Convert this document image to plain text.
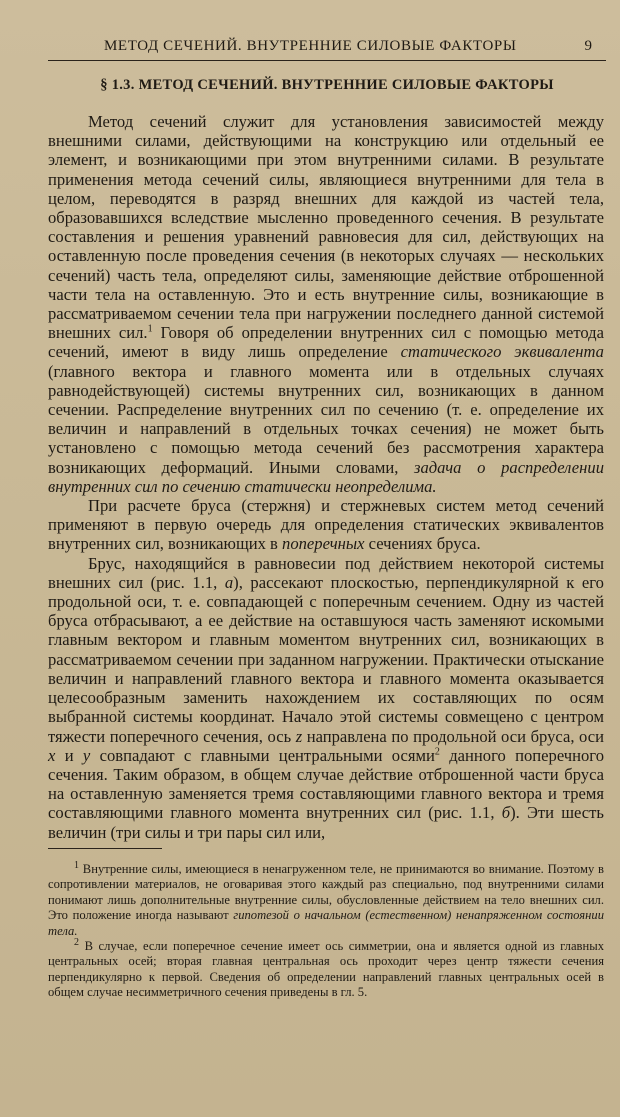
МЕТОД СЕЧЕНИЙ. ВНУТРЕННИЕ СИЛОВЫЕ ФАКТОРЫ	9
§ 1.3. МЕТОД СЕЧЕНИЙ. ВНУТРЕННИЕ СИЛОВЫЕ ФАКТОРЫ

Метод сечений служит для установления зависимостей между внешними силами, действующими на конструкцию или отдельный ее элемент, и возникающими при этом внутренними силами. В результате применения метода сечений силы, являющиеся внутренними для тела в целом, переводятся в разряд внешних для каждой из частей тела, образовавшихся вследствие мысленно проведенного сечения. В результате составления и решения уравнений равновесия для сил, действующих на оставленную после проведения сечения (в некоторых случаях — нескольких сечений) часть тела, определяют силы, заменяющие действие отброшенной части тела на оставленную. Это и есть внутренние силы, возникающие в рассматриваемом сечении тела при нагружении последнего данной системой внешних сил.$^1$ Говоря об определении внутренних сил с помощью метода сечений, имеют в виду лишь определение статического эквивалента (главного вектора и главного момента или в отдельных случаях равнодействующей) системы внутренних сил, возникающих в данном сечении. Распределение внутренних сил по сечению (т. е. определение их величин и направлений в отдельных точках сечения) не может быть установлено с помощью метода сечений без рассмотрения характера возникающих деформаций. Иными словами, задача о распределении внутренних сил по сечению статически неопределима.

При расчете бруса (стержня) и стержневых систем метод сечений применяют в первую очередь для определения статических эквивалентов внутренних сил, возникающих в поперечных сечениях бруса.

Брус, находящийся в равновесии под действием некоторой системы внешних сил (рис. 1.1, а), рассекают плоскостью, перпендикулярной к его продольной оси, т. е. совпадающей с поперечным сечением. Одну из частей бруса отбрасывают, а ее действие на оставшуюся часть заменяют искомыми главным вектором и главным моментом внутренних сил, возникающих в рассматриваемом сечении при заданном нагружении. Практически отыскание величин и направлений главного вектора и главного момента оказывается целесообразным заменить нахождением их составляющих по осям выбранной системы координат. Начало этой системы совмещено с центром тяжести поперечного сечения, ось z направлена по продольной оси бруса, оси x и y совпадают с главными центральными осями$^2$ данного поперечного сечения. Таким образом, в общем случае действие отброшенной части бруса на оставленную заменяется тремя составляющими главного вектора и тремя составляющими главного момента внутренних сил (рис. 1.1, б). Эти шесть величин (три силы и три пары сил или,

$^1$ Внутренние силы, имеющиеся в ненагруженном теле, не принимаются во внимание. Поэтому в сопротивлении материалов, не оговаривая этого каждый раз специально, под внутренними силами понимают лишь дополнительные внутренние силы, обусловленные действием на тело внешних сил. Это положение иногда называют гипотезой о начальном (естественном) ненапряженном состоянии тела.

$^2$ В случае, если поперечное сечение имеет ось симметрии, она и является одной из главных центральных осей; вторая главная центральная ось проходит через центр тяжести сечения перпендикулярно к первой. Сведения об определении направлений главных центральных осей в общем случае несимметричного сечения приведены в гл. 5.
